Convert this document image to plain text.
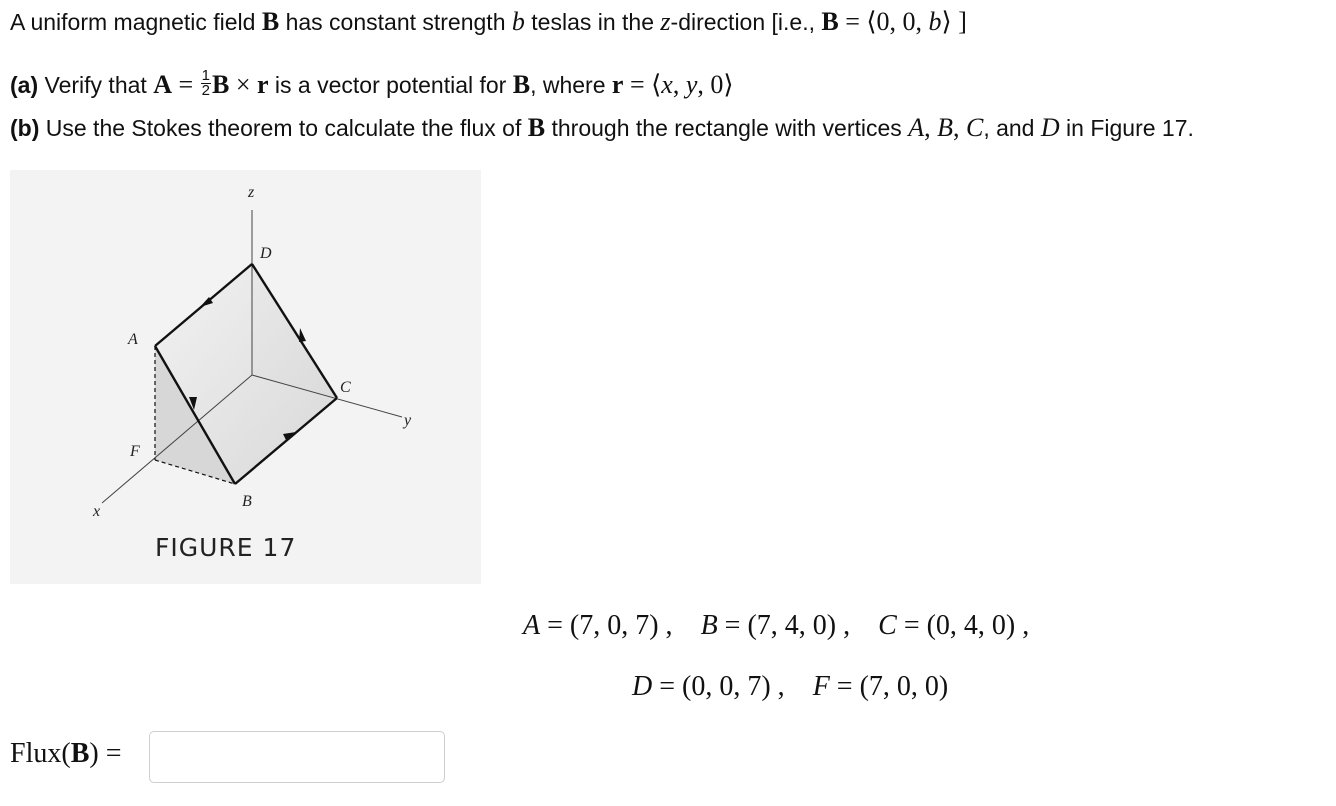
A uniform magnetic field B has constant strength b teslas in the z-direction [i.e., B = ⟨0, 0, b⟩ ]
(a) Verify that $A = \frac{1}{2}$ B × r is a vector potential for B, where r = ⟨x, y, 0⟩
(b) Use the Stokes theorem to calculate the flux of B through the rectangle with vertices A, B, C, and D in Figure 17.
z
y
x
D
A
C
F
B
FIGURE 17
A = (7, 0, 7) , B = (7, 4, 0) , C = (0, 4, 0) ,
D = (0, 0, 7) , F = (7, 0, 0)
Flux(B) =
